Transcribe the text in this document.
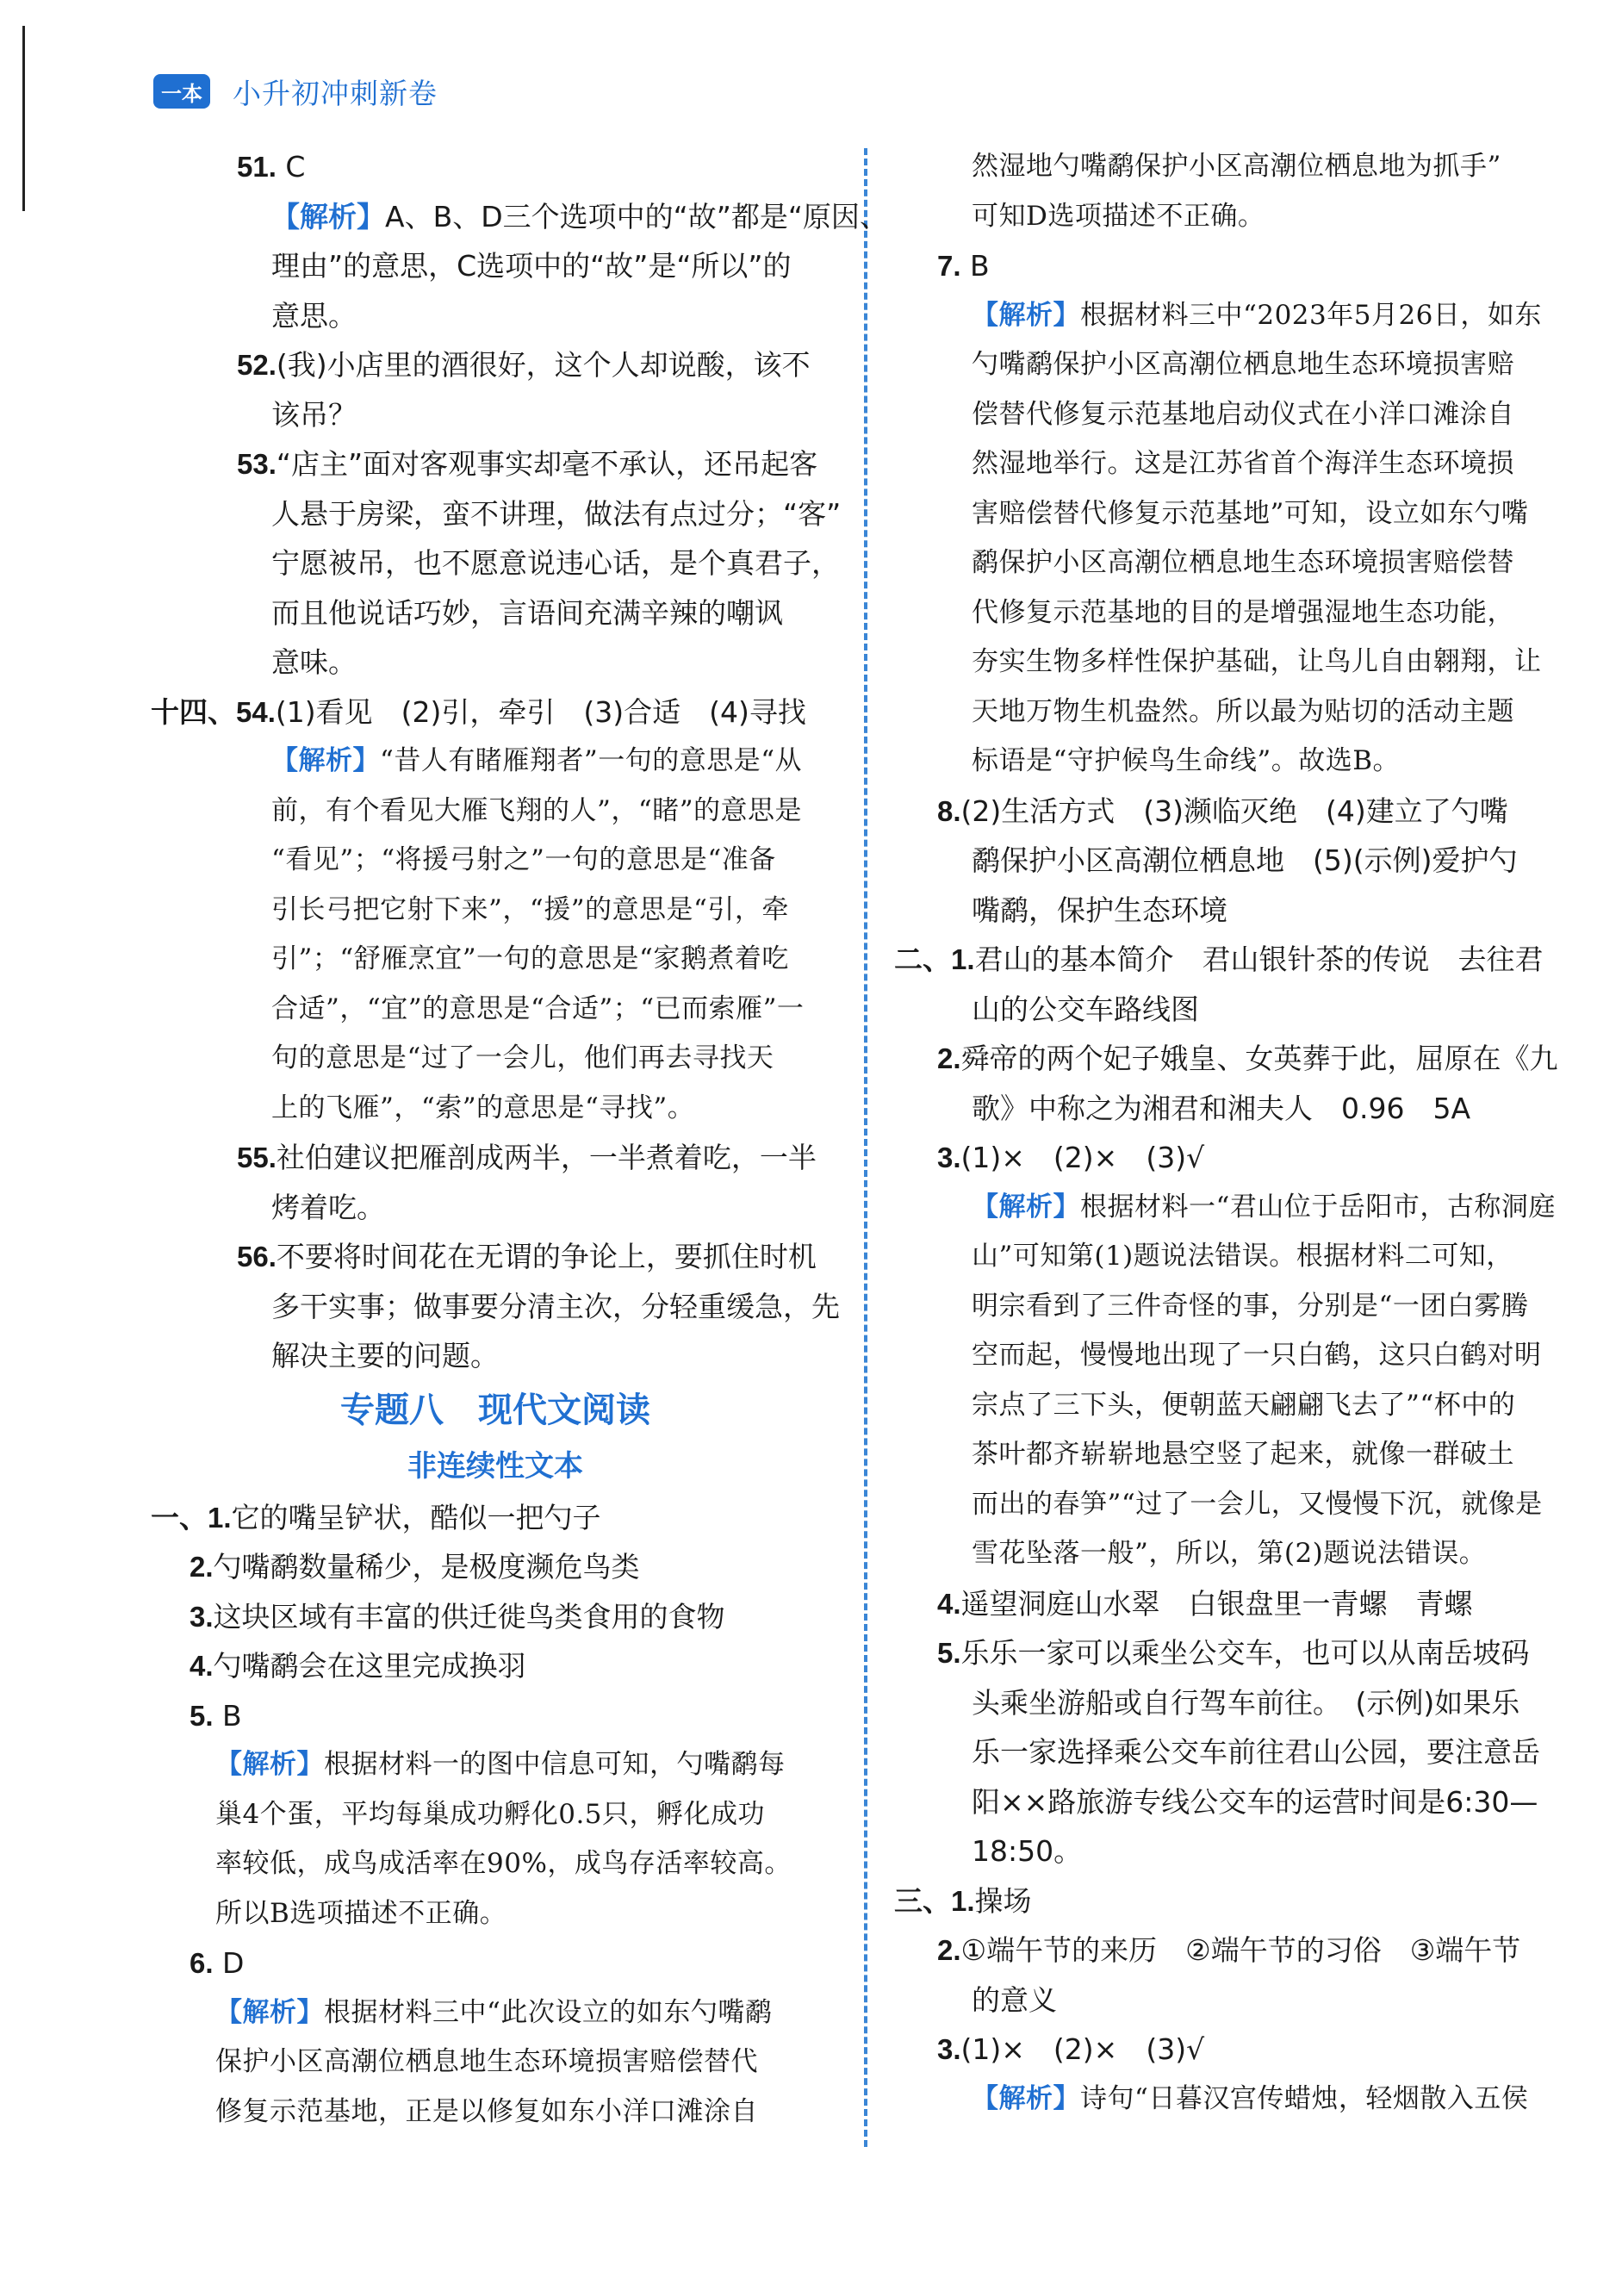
一本 小升初冲刺新卷
51. C
【解析】A、B、D三个选项中的“故”都是“原因、
理由”的意思，C选项中的“故”是“所以”的
意思。
52.(我)小店里的酒很好，这个人却说酸，该不
该吊？
53.“店主”面对客观事实却毫不承认，还吊起客
人悬于房梁，蛮不讲理，做法有点过分；“客”
宁愿被吊，也不愿意说违心话，是个真君子，
而且他说话巧妙，言语间充满辛辣的嘲讽
意味。
十四、54.(1)看见　(2)引，牵引　(3)合适　(4)寻找
【解析】“昔人有睹雁翔者”一句的意思是“从
前，有个看见大雁飞翔的人”，“睹”的意思是
“看见”；“将援弓射之”一句的意思是“准备
引长弓把它射下来”，“援”的意思是“引，牵
引”；“舒雁烹宜”一句的意思是“家鹅煮着吃
合适”，“宜”的意思是“合适”；“已而索雁”一
句的意思是“过了一会儿，他们再去寻找天
上的飞雁”，“索”的意思是“寻找”。
55.社伯建议把雁剖成两半，一半煮着吃，一半
烤着吃。
56.不要将时间花在无谓的争论上，要抓住时机
多干实事；做事要分清主次，分轻重缓急，先
解决主要的问题。
专题八　现代文阅读
非连续性文本
一、1.它的嘴呈铲状，酷似一把勺子
2.勺嘴鹬数量稀少，是极度濒危鸟类
3.这块区域有丰富的供迁徙鸟类食用的食物
4.勺嘴鹬会在这里完成换羽
5. B
【解析】根据材料一的图中信息可知，勺嘴鹬每
巢4个蛋，平均每巢成功孵化0.5只，孵化成功
率较低，成鸟成活率在90%，成鸟存活率较高。
所以B选项描述不正确。
6. D
【解析】根据材料三中“此次设立的如东勺嘴鹬
保护小区高潮位栖息地生态环境损害赔偿替代
修复示范基地，正是以修复如东小洋口滩涂自
然湿地勺嘴鹬保护小区高潮位栖息地为抓手”
可知D选项描述不正确。
7. B
【解析】根据材料三中“2023年5月26日，如东
勺嘴鹬保护小区高潮位栖息地生态环境损害赔
偿替代修复示范基地启动仪式在小洋口滩涂自
然湿地举行。这是江苏省首个海洋生态环境损
害赔偿替代修复示范基地”可知，设立如东勺嘴
鹬保护小区高潮位栖息地生态环境损害赔偿替
代修复示范基地的目的是增强湿地生态功能，
夯实生物多样性保护基础，让鸟儿自由翱翔，让
天地万物生机盎然。所以最为贴切的活动主题
标语是“守护候鸟生命线”。故选B。
8.(2)生活方式　(3)濒临灭绝　(4)建立了勺嘴
鹬保护小区高潮位栖息地　(5)(示例)爱护勺
嘴鹬，保护生态环境
二、1.君山的基本简介　君山银针茶的传说　去往君
山的公交车路线图
2.舜帝的两个妃子娥皇、女英葬于此，屈原在《九
歌》中称之为湘君和湘夫人　0.96　5A
3.(1)×　(2)×　(3)√
【解析】根据材料一“君山位于岳阳市，古称洞庭
山”可知第(1)题说法错误。根据材料二可知，
明宗看到了三件奇怪的事，分别是“一团白雾腾
空而起，慢慢地出现了一只白鹤，这只白鹤对明
宗点了三下头，便朝蓝天翩翩飞去了”“杯中的
茶叶都齐崭崭地悬空竖了起来，就像一群破土
而出的春笋”“过了一会儿，又慢慢下沉，就像是
雪花坠落一般”，所以，第(2)题说法错误。
4.遥望洞庭山水翠　白银盘里一青螺　青螺
5.乐乐一家可以乘坐公交车，也可以从南岳坡码
头乘坐游船或自行驾车前往。　(示例)如果乐
乐一家选择乘公交车前往君山公园，要注意岳
阳××路旅游专线公交车的运营时间是6:30—
18:50。
三、1.操场
2.①端午节的来历　②端午节的习俗　③端午节
的意义
3.(1)×　(2)×　(3)√
【解析】诗句“日暮汉宫传蜡烛，轻烟散入五侯
